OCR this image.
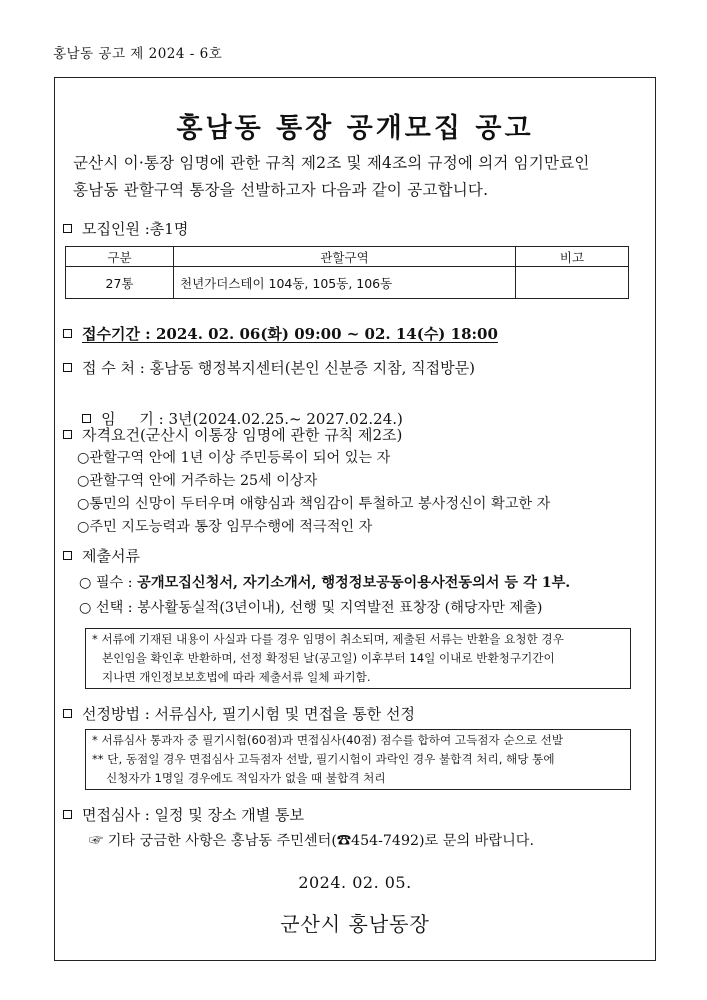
홍남동 공고 제 2024 - 6호
홍남동 통장 공개모집 공고
군산시 이·통장 임명에 관한 규칙 제2조 및 제4조의 규정에 의거 임기만료인
홍남동 관할구역 통장을 선발하고자 다음과 같이 공고합니다.
모집인원 :총1명
구분	관할구역	비고
27통	천년가더스테이 104동, 105동, 106동	
접수기간 : 2024. 02. 06(화) 09:00 ~ 02. 14(수) 18:00
접 수 처 : 홍남동 행정복지센터(본인 신분증 지참, 직접방문)

임     기 : 3년(2024.02.25.~ 2027.02.24.)

자격요건(군산시 이통장 임명에 관한 규칙 제2조)
○관할구역 안에 1년 이상 주민등록이 되어 있는 자
○관할구역 안에 거주하는 25세 이상자
○통민의 신망이 두터우며 애향심과 책임감이 투철하고 봉사정신이 확고한 자
○주민 지도능력과 통장 임무수행에 적극적인 자
제출서류
○ 필수 : 공개모집신청서, 자기소개서, 행정정보공동이용사전동의서 등 각 1부.
○ 선택 : 봉사활동실적(3년이내), 선행 및 지역발전 표창장 (해당자만 제출)
* 서류에 기재된 내용이 사실과 다를 경우 임명이 취소되며, 제출된 서류는 반환을 요청한 경우
본인임을 확인후 반환하며, 선정 확정된 날(공고일) 이후부터 14일 이내로 반환청구기간이
지나면 개인정보보호법에 따라 제출서류 일체 파기함.
선정방법 : 서류심사, 필기시험 및 면접을 통한 선정
* 서류심사 통과자 중 필기시험(60점)과 면접심사(40점) 점수를 합하여 고득점자 순으로 선발
** 단, 동점일 경우 면접심사 고득점자 선발, 필기시험이 과락인 경우 불합격 처리, 해당 통에
신청자가 1명일 경우에도 적임자가 없을 때 불합격 처리
면접심사 : 일정 및 장소 개별 통보
☞ 기타 궁금한 사항은 홍남동 주민센터(☎454-7492)로 문의 바랍니다.
2024. 02. 05.
군산시 홍남동장
